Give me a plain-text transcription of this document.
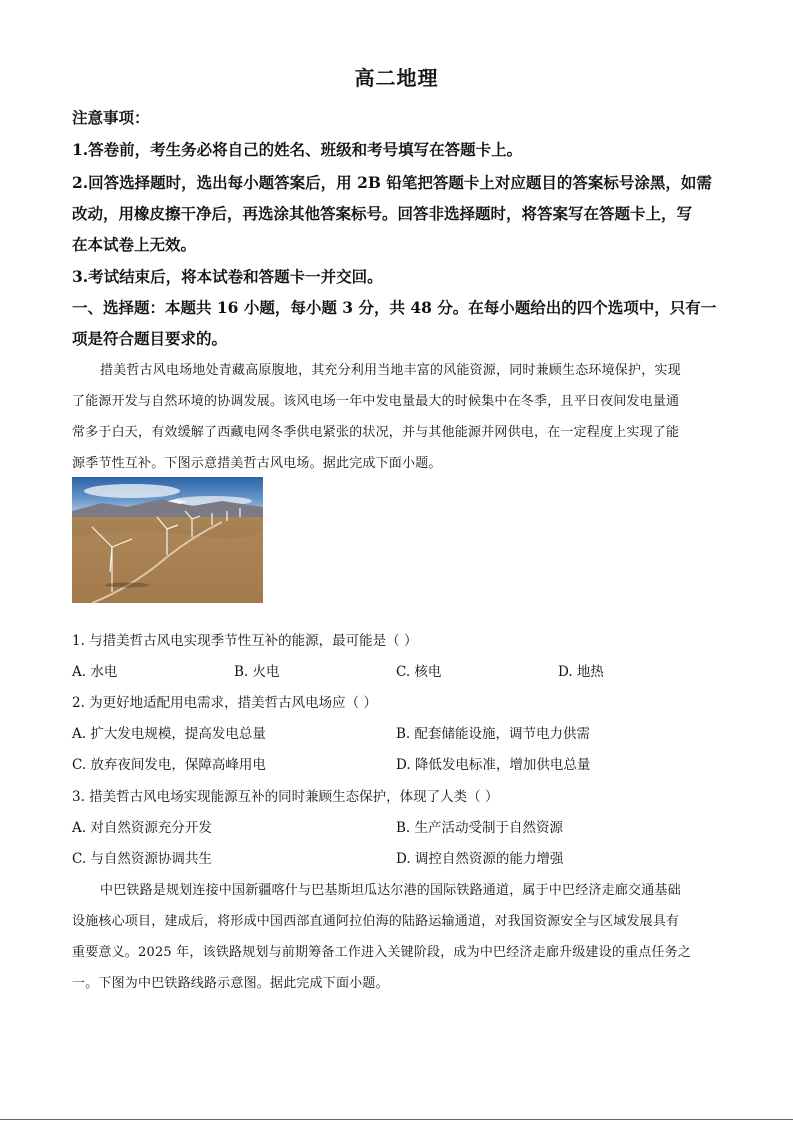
高二地理
注意事项：
1.答卷前，考生务必将自己的姓名、班级和考号填写在答题卡上。
2.回答选择题时，选出每小题答案后，用 2B 铅笔把答题卡上对应题目的答案标号涂黑，如需
改动，用橡皮擦干净后，再选涂其他答案标号。回答非选择题时，将答案写在答题卡上，写
在本试卷上无效。
3.考试结束后，将本试卷和答题卡一并交回。
一、选择题：本题共 16 小题，每小题 3 分，共 48 分。在每小题给出的四个选项中，只有一
项是符合题目要求的。
措美哲古风电场地处青藏高原腹地，其充分利用当地丰富的风能资源，同时兼顾生态环境保护，实现
了能源开发与自然环境的协调发展。该风电场一年中发电量最大的时候集中在冬季，且平日夜间发电量通
常多于白天，有效缓解了西藏电网冬季供电紧张的状况，并与其他能源并网供电，在一定程度上实现了能
源季节性互补。下图示意措美哲古风电场。据此完成下面小题。
1. 与措美哲古风电实现季节性互补的能源，最可能是（ ）
A. 水电	B. 火电	C. 核电	D. 地热
2. 为更好地适配用电需求，措美哲古风电场应（ ）
A. 扩大发电规模，提高发电总量	B. 配套储能设施，调节电力供需
C. 放弃夜间发电，保障高峰用电	D. 降低发电标准，增加供电总量
3. 措美哲古风电场实现能源互补的同时兼顾生态保护，体现了人类（ ）
A. 对自然资源充分开发	B. 生产活动受制于自然资源
C. 与自然资源协调共生	D. 调控自然资源的能力增强
中巴铁路是规划连接中国新疆喀什与巴基斯坦瓜达尔港的国际铁路通道，属于中巴经济走廊交通基础
设施核心项目，建成后，将形成中国西部直通阿拉伯海的陆路运输通道，对我国资源安全与区域发展具有
重要意义。2025 年，该铁路规划与前期筹备工作进入关键阶段，成为中巴经济走廊升级建设的重点任务之
一。下图为中巴铁路线路示意图。据此完成下面小题。
